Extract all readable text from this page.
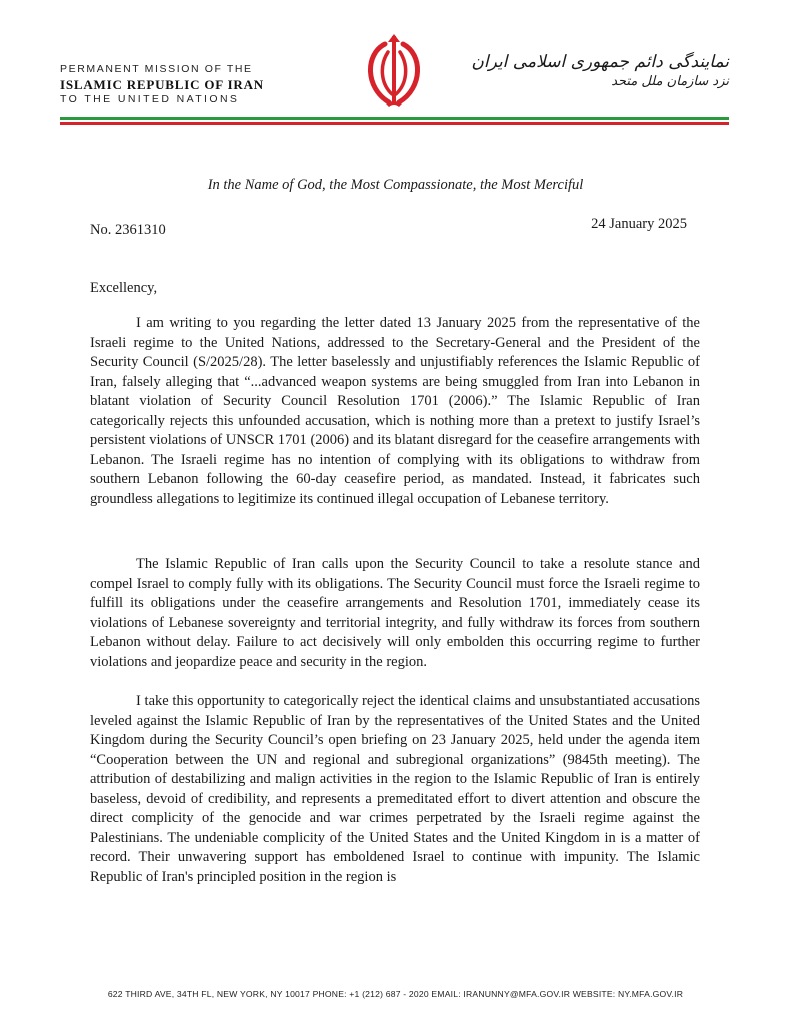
PERMANENT MISSION OF THE
ISLAMIC REPUBLIC OF IRAN
TO THE UNITED NATIONS
نمایندگی دائم جمهوری اسلامی ایران
نزد سازمان ملل متحد
In the Name of God, the Most Compassionate, the Most Merciful
No. 2361310	24 January 2025
Excellency,

I am writing to you regarding the letter dated 13 January 2025 from the representative of the Israeli regime to the United Nations, addressed to the Secretary-General and the President of the Security Council (S/2025/28). The letter baselessly and unjustifiably references the Islamic Republic of Iran, falsely alleging that “...advanced weapon systems are being smuggled from Iran into Lebanon in blatant violation of Security Council Resolution 1701 (2006).” The Islamic Republic of Iran categorically rejects this unfounded accusation, which is nothing more than a pretext to justify Israel’s persistent violations of UNSCR 1701 (2006) and its blatant disregard for the ceasefire arrangements with Lebanon. The Israeli regime has no intention of complying with its obligations to withdraw from southern Lebanon following the 60-day ceasefire period, as mandated. Instead, it fabricates such groundless allegations to legitimize its continued illegal occupation of Lebanese territory.

The Islamic Republic of Iran calls upon the Security Council to take a resolute stance and compel Israel to comply fully with its obligations. The Security Council must force the Israeli regime to fulfill its obligations under the ceasefire arrangements and Resolution 1701, immediately cease its violations of Lebanese sovereignty and territorial integrity, and fully withdraw its forces from southern Lebanon without delay. Failure to act decisively will only embolden this occurring regime to further violations and jeopardize peace and security in the region.

I take this opportunity to categorically reject the identical claims and unsubstantiated accusations leveled against the Islamic Republic of Iran by the representatives of the United States and the United Kingdom during the Security Council’s open briefing on 23 January 2025, held under the agenda item “Cooperation between the UN and regional and subregional organizations” (9845th meeting). The attribution of destabilizing and malign activities in the region to the Islamic Republic of Iran is entirely baseless, devoid of credibility, and represents a premeditated effort to divert attention and obscure the direct complicity of the genocide and war crimes perpetrated by the Israeli regime against the Palestinians. The undeniable complicity of the United States and the United Kingdom in is a matter of record. Their unwavering support has emboldened Israel to continue with impunity. The Islamic Republic of Iran's principled position in the region is

622 THIRD AVE, 34TH FL, NEW YORK, NY 10017 PHONE: +1 (212) 687 - 2020 EMAIL: IRANUNNY@MFA.GOV.IR WEBSITE: NY.MFA.GOV.IR
